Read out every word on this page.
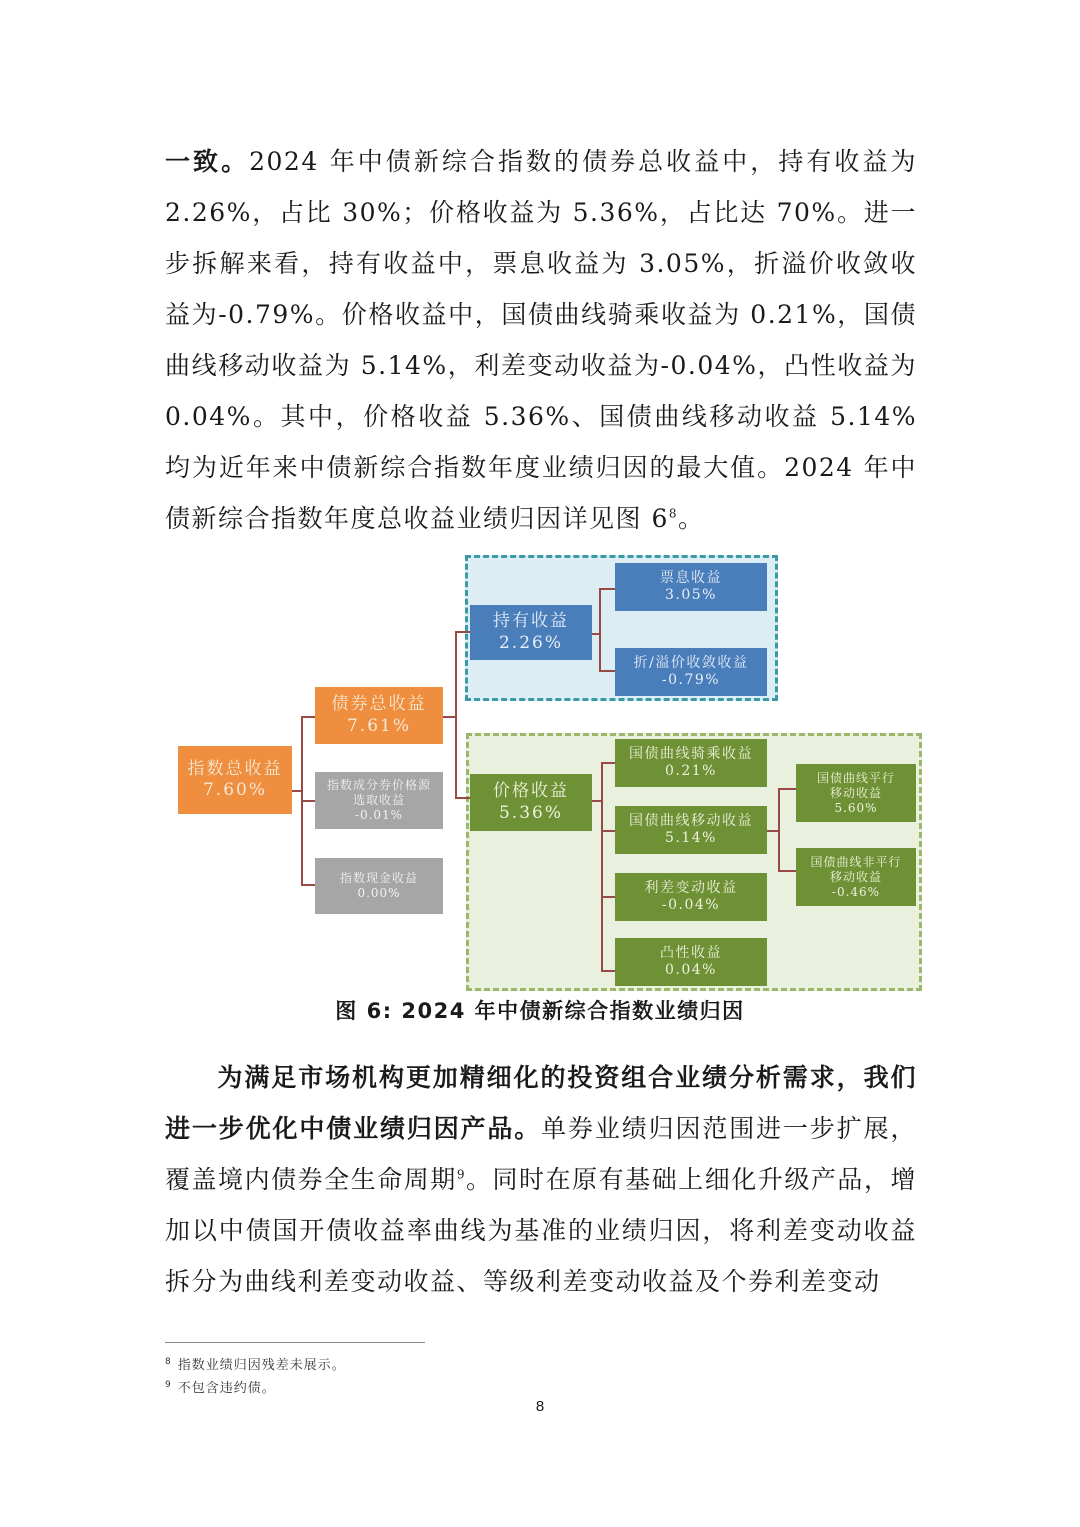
一致。2024 年中债新综合指数的债券总收益中，持有收益为 2.26%，占比 30%；价格收益为 5.36%，占比达 70%。进一步拆解来看，持有收益中，票息收益为 3.05%，折溢价收敛收益为-0.79%。价格收益中，国债曲线骑乘收益为 0.21%，国债曲线移动收益为 5.14%，利差变动收益为-0.04%，凸性收益为 0.04%。其中，价格收益 5.36%、国债曲线移动收益 5.14%均为近年来中债新综合指数年度业绩归因的最大值。2024 年中债新综合指数年度总收益业绩归因详见图 $6^8$。
指数总收益
7.60%
债券总收益
7.61%
指数成分券价格源
选取收益
-0.01%
指数现金收益
0.00%
持有收益
2.26%
票息收益
3.05%
折/溢价收敛收益
-0.79%
价格收益
5.36%
国债曲线骑乘收益
0.21%
国债曲线移动收益
5.14%
利差变动收益
-0.04%
凸性收益
0.04%
国债曲线平行
移动收益
5.60%
国债曲线非平行
移动收益
-0.46%
图 6: 2024 年中债新综合指数业绩归因
为满足市场机构更加精细化的投资组合业绩分析需求，我们进一步优化中债业绩归因产品。单券业绩归因范围进一步扩展，覆盖境内债券全生命周期$^9$。同时在原有基础上细化升级产品，增加以中债国开债收益率曲线为基准的业绩归因，将利差变动收益拆分为曲线利差变动收益、等级利差变动收益及个券利差变动
$^8$ 指数业绩归因残差未展示。
$^9$ 不包含违约债。
8
